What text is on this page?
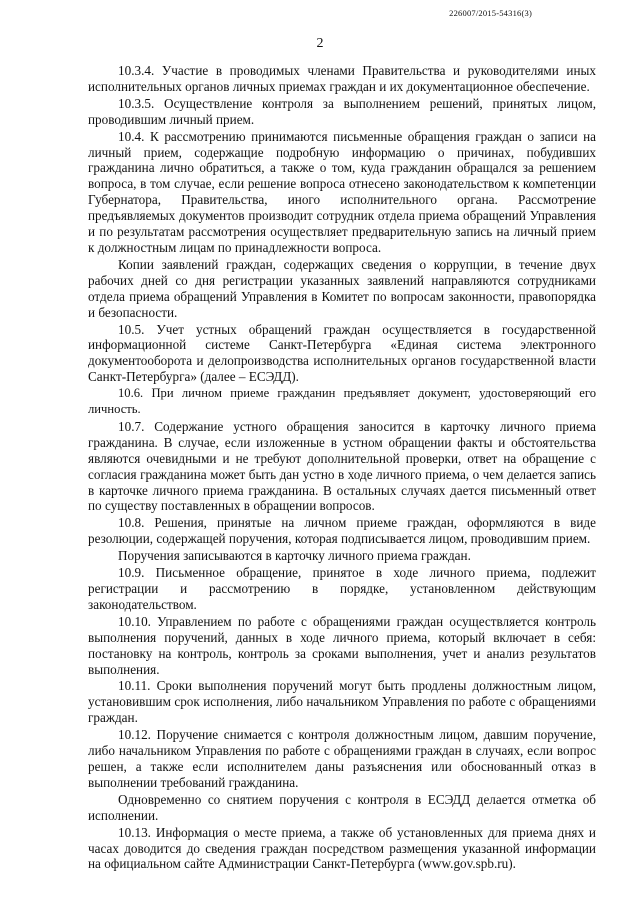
226007/2015-54316(3)
2

10.3.4. Участие в проводимых членами Правительства и руководителями иных исполнительных органов личных приемах граждан и их документационное обеспечение.

10.3.5. Осуществление контроля за выполнением решений, принятых лицом, проводившим личный прием.

10.4. К рассмотрению принимаются письменные обращения граждан о записи на личный прием, содержащие подробную информацию о причинах, побудивших гражданина лично обратиться, а также о том, куда гражданин обращался за решением вопроса, в том случае, если решение вопроса отнесено законодательством к компетенции Губернатора, Правительства, иного исполнительного органа. Рассмотрение предъявляемых документов производит сотрудник отдела приема обращений Управления и по результатам рассмотрения осуществляет предварительную запись на личный прием к должностным лицам по принадлежности вопроса.

Копии заявлений граждан, содержащих сведения о коррупции, в течение двух рабочих дней со дня регистрации указанных заявлений направляются сотрудниками отдела приема обращений Управления в Комитет по вопросам законности, правопорядка и безопасности.

10.5. Учет устных обращений граждан осуществляется в государственной информационной системе Санкт-Петербурга «Единая система электронного документооборота и делопроизводства исполнительных органов государственной власти Санкт-Петербурга» (далее – ЕСЭДД).

10.6. При личном приеме гражданин предъявляет документ, удостоверяющий его личность.

10.7. Содержание устного обращения заносится в карточку личного приема гражданина. В случае, если изложенные в устном обращении факты и обстоятельства являются очевидными и не требуют дополнительной проверки, ответ на обращение с согласия гражданина может быть дан устно в ходе личного приема, о чем делается запись в карточке личного приема гражданина. В остальных случаях дается письменный ответ по существу поставленных в обращении вопросов.

10.8. Решения, принятые на личном приеме граждан, оформляются в виде резолюции, содержащей поручения, которая подписывается лицом, проводившим прием.

Поручения записываются в карточку личного приема граждан.

10.9. Письменное обращение, принятое в ходе личного приема, подлежит регистрации и рассмотрению в порядке, установленном действующим законодательством.

10.10. Управлением по работе с обращениями граждан осуществляется контроль выполнения поручений, данных в ходе личного приема, который включает в себя: постановку на контроль, контроль за сроками выполнения, учет и анализ результатов выполнения.

10.11. Сроки выполнения поручений могут быть продлены должностным лицом, установившим срок исполнения, либо начальником Управления по работе с обращениями граждан.

10.12. Поручение снимается с контроля должностным лицом, давшим поручение, либо начальником Управления по работе с обращениями граждан в случаях, если вопрос решен, а также если исполнителем даны разъяснения или обоснованный отказ в выполнении требований гражданина.

Одновременно со снятием поручения с контроля в ЕСЭДД делается отметка об исполнении.

10.13. Информация о месте приема, а также об установленных для приема днях и часах доводится до сведения граждан посредством размещения указанной информации на официальном сайте Администрации Санкт-Петербурга (www.gov.spb.ru).
